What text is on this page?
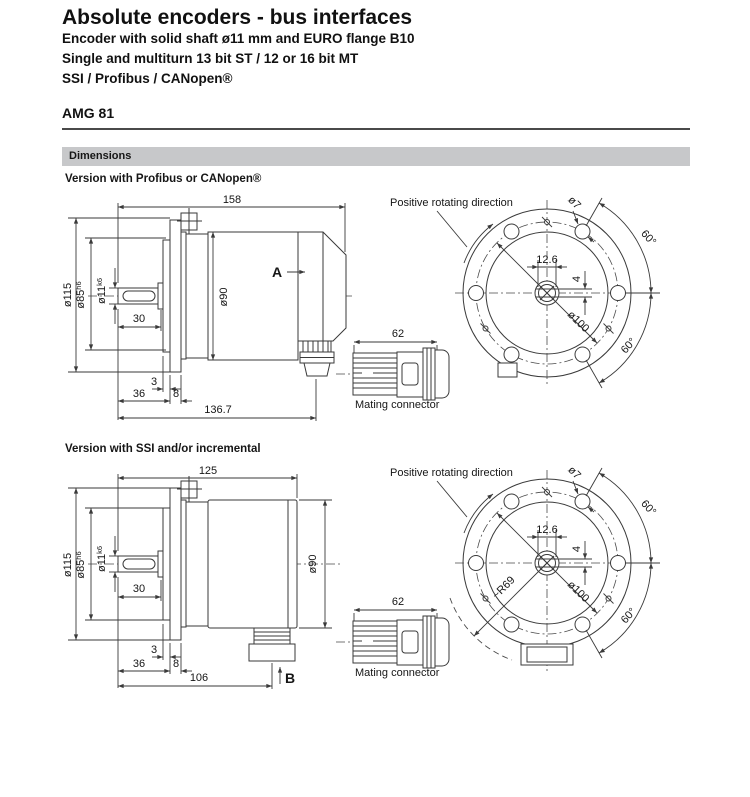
Absolute encoders - bus interfaces
Encoder with solid shaft ø11 mm and EURO flange B10
Single and multiturn 13 bit ST / 12 or 16 bit MT
SSI / Profibus / CANopen®
AMG 81
Dimensions
Version with Profibus or CANopen®
Version with SSI and/or incremental
A
ø90
158
ø115 $ø85^{h6}$
$ø11^{k6}$
30
3
36	8
136.7
62
Mating connector
Positive rotating direction
12.6
4
ø100
ø7
60°
60°
B
ø90
125
ø115 $ø85^{h6}$	$ø11^{k6}$
30
3
36	8
106
62
Mating connector
Positive rotating direction
12.6
4
ø100
~R69
ø7
60°
60°
